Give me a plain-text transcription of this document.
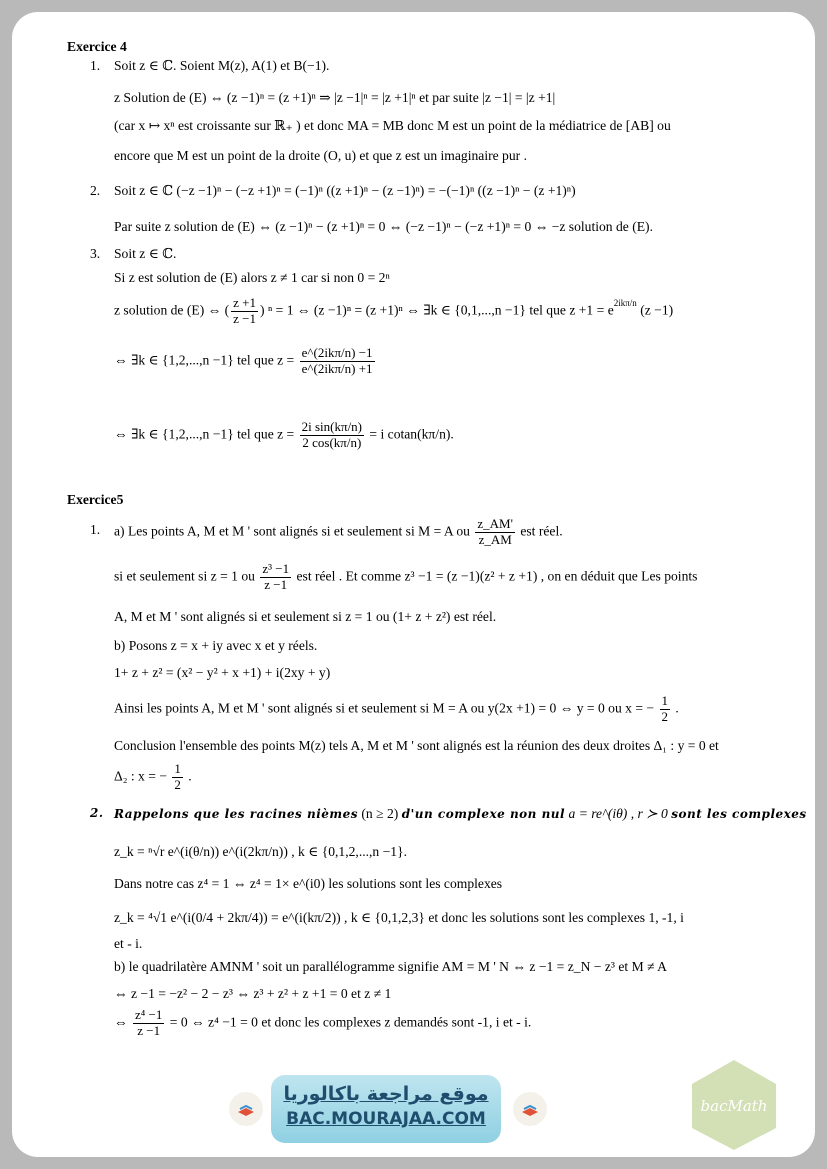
Exercice 4
1. Soit z ∈ ℂ. Soient M(z), A(1) et B(−1).
z Solution de (E) ⇔ (z −1)ⁿ = (z +1)ⁿ ⇒ |z −1|ⁿ = |z +1|ⁿ et par suite |z −1| = |z +1|
(car x ↦ xⁿ est croissante sur ℝ₊ ) et donc MA = MB donc M est un point de la médiatrice de [AB] ou
encore que M est un point de la droite (O, u) et que z est un imaginaire pur .
2. Soit z ∈ ℂ (−z −1)ⁿ − (−z +1)ⁿ = (−1)ⁿ ((z +1)ⁿ − (z −1)ⁿ) = −(−1)ⁿ ((z −1)ⁿ − (z +1)ⁿ)
Par suite z solution de (E) ⇔ (z −1)ⁿ − (z +1)ⁿ = 0 ⇔ (−z −1)ⁿ − (−z +1)ⁿ = 0 ⇔ −z solution de (E).
3. Soit z ∈ ℂ.
Si z est solution de (E) alors z ≠ 1 car si non 0 = 2ⁿ
z solution de (E) ⇔ ( $\frac{z +1}{z -1}$ ) ⁿ = 1 ⇔ (z −1)ⁿ = (z +1)ⁿ ⇔ ∃k ∈ {0,1,...,n −1} tel que $z +1 = e^{2ik\pi/n}$ (z −1)
⇔ ∃k ∈ {1,2,...,n −1} tel que $z = \frac{\text{e\textasciicircum{}(2ikπ/n) −1}}{\text{e\textasciicircum{}(2ikπ/n) +1}}$
⇔ ∃k ∈ {1,2,...,n −1} tel que $z = \frac{\text{2i sin(kπ/n)}}{2 \cos(k\pi/n)} = i$ cotan(kπ/n).
Exercice5
1. a) Les points A, M et M ' sont alignés si et seulement si M = A ou $\frac{z\_AM'}{z\_AM}$ est réel.
si et seulement si z = 1 ou $\frac{\text{z³ −1}}{z -1}$ est réel . Et comme z³ −1 = (z −1)(z² + z +1) , on en déduit que Les points
A, M et M ' sont alignés si et seulement si z = 1 ou (1+ z + z²) est réel.
b) Posons z = x + iy avec x et y réels.
1+ z + z² = (x² − y² + x +1) + i(2xy + y)
Ainsi les points A, M et M ' sont alignés si et seulement si M = A ou y(2x +1) = 0 ⇔ y = 0 ou x = − $\frac{1}{2}$ .
Conclusion l'ensemble des points M(z) tels A, M et M ' sont alignés est la réunion des deux droites Δ₁ : y = 0 et
Δ₂ : x = − $\frac{1}{2}$ .
2. Rappelons que les racines nièmes (n ≥ 2) d'un complexe non nul a = re^(iθ) , r ≻ 0 sont les complexes
z_k = ⁿ√r e^(i(θ/n)) e^(i(2kπ/n)) , k ∈ {0,1,2,...,n −1}.
Dans notre cas z⁴ = 1 ⇔ z⁴ = 1× e^(i0) les solutions sont les complexes
z_k = ⁴√1 e^(i(0/4 + 2kπ/4)) = e^(i(kπ/2)) , k ∈ {0,1,2,3} et donc les solutions sont les complexes 1, -1, i
et - i.
b) le quadrilatère AMNM ' soit un parallélogramme signifie AM = M ' N ⇔ z −1 = z_N − z³ et M ≠ A
⇔ z −1 = −z² − 2 − z³ ⇔ z³ + z² + z +1 = 0 et z ≠ 1
⇔ $\frac{\text{z⁴ −1}}{z -1} = 0$ ⇔ z⁴ −1 = 0 et donc les complexes z demandés sont -1, i et - i.
موقع مراجعة باكالوريا
BAC.MOURAJAA.COM
bacMath
